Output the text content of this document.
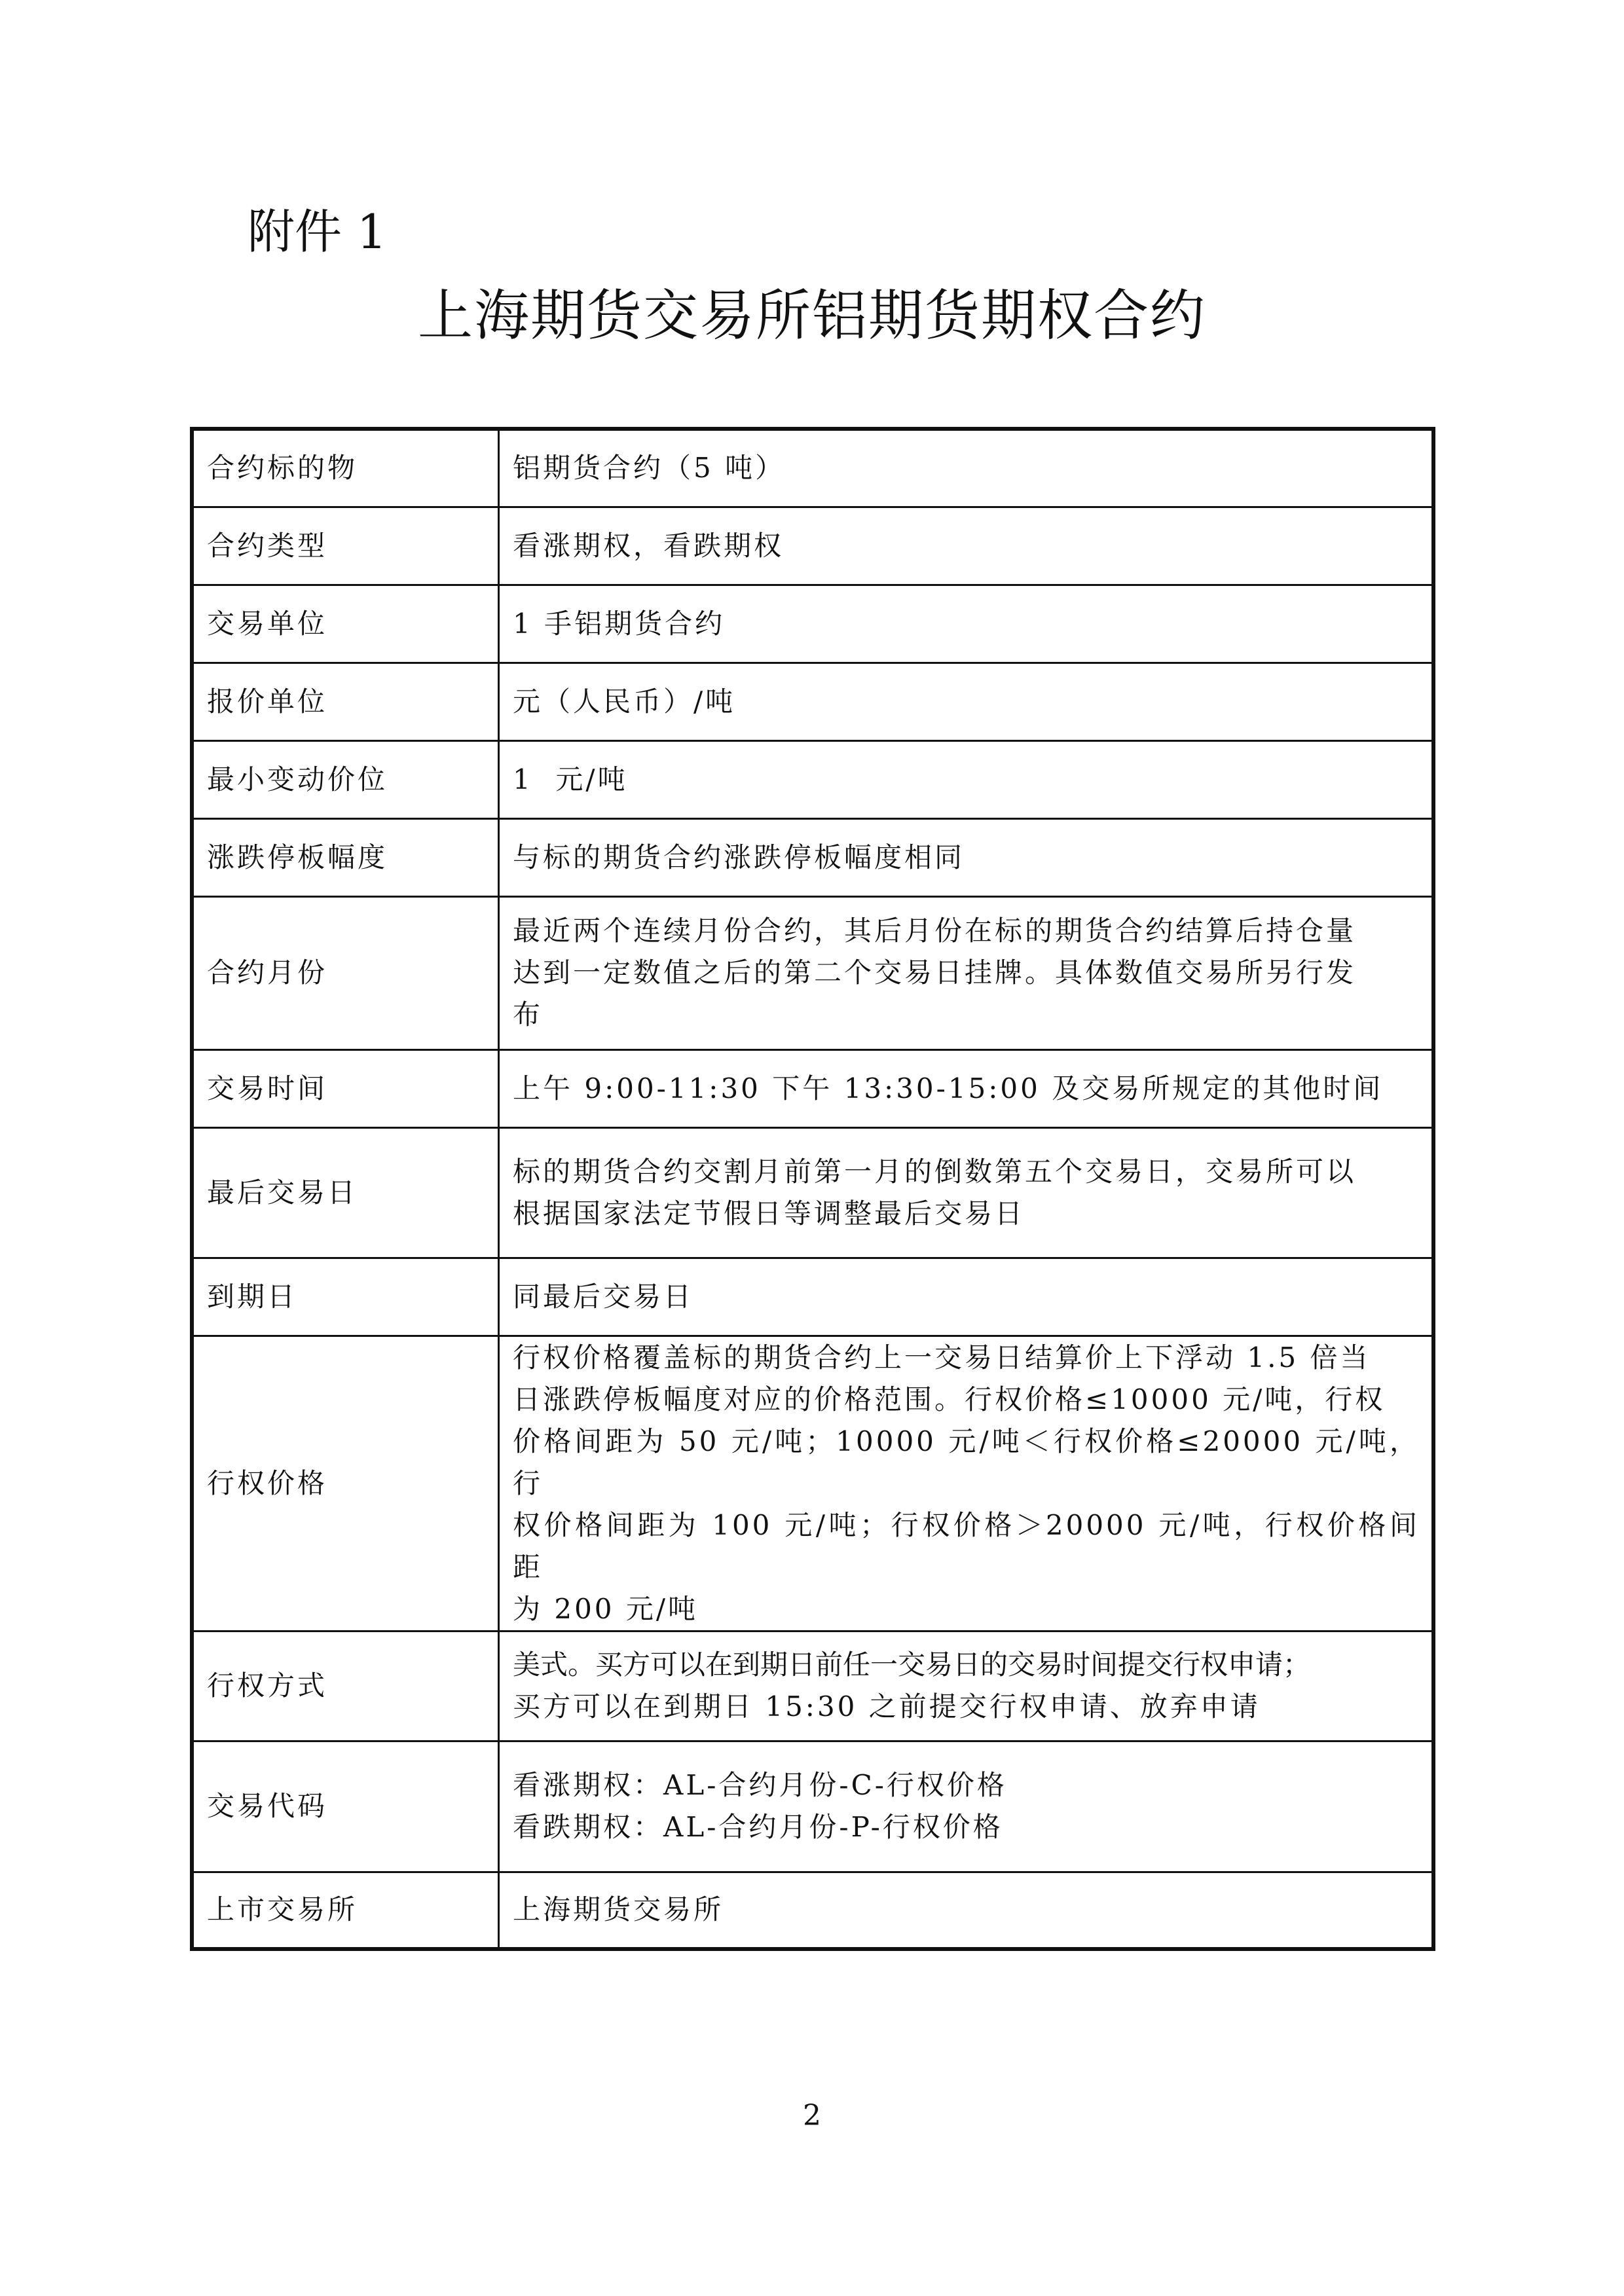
附件 1
上海期货交易所铝期货期权合约
合约标的物	铝期货合约（5 吨）

合约类型	看涨期权，看跌期权

交易单位	1 手铝期货合约

报价单位	元（人民币）/吨

最小变动价位	1  元/吨

涨跌停板幅度	与标的期货合约涨跌停板幅度相同

合约月份	最近两个连续月份合约，其后月份在标的期货合约结算后持仓量
达到一定数值之后的第二个交易日挂牌。具体数值交易所另行发
布

交易时间	上午 9:00-11:30 下午 13:30-15:00 及交易所规定的其他时间

最后交易日	标的期货合约交割月前第一月的倒数第五个交易日，交易所可以
根据国家法定节假日等调整最后交易日

到期日	同最后交易日

行权价格	行权价格覆盖标的期货合约上一交易日结算价上下浮动 1.5 倍当
日涨跌停板幅度对应的价格范围。行权价格≤10000 元/吨，行权
价格间距为 50 元/吨；10000 元/吨＜行权价格≤20000 元/吨，行
权价格间距为 100 元/吨；行权价格＞20000 元/吨，行权价格间距
为 200 元/吨

行权方式	美式。买方可以在到期日前任一交易日的交易时间提交行权申请；
买方可以在到期日 15:30 之前提交行权申请、放弃申请

交易代码	看涨期权：AL-合约月份-C-行权价格
看跌期权：AL-合约月份-P-行权价格

上市交易所	上海期货交易所
2
